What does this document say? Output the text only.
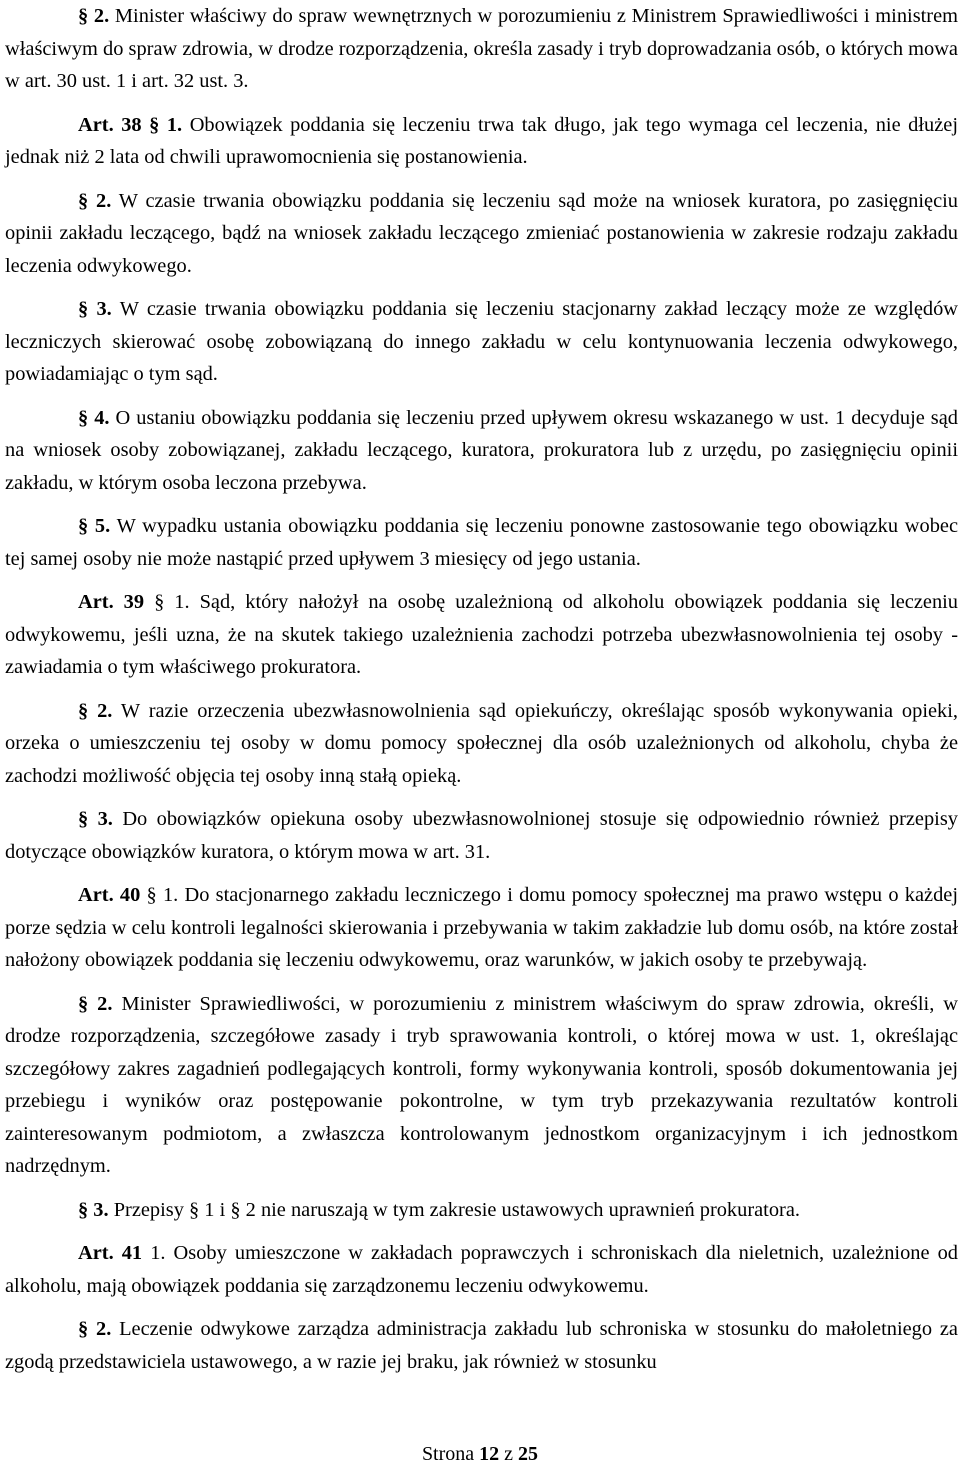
§ 2. Minister właściwy do spraw wewnętrznych w porozumieniu z Ministrem Sprawiedliwości i ministrem właściwym do spraw zdrowia, w drodze rozporządzenia, określa zasady i tryb doprowadzania osób, o których mowa w art. 30 ust. 1 i art. 32 ust. 3.

Art. 38 § 1. Obowiązek poddania się leczeniu trwa tak długo, jak tego wymaga cel leczenia, nie dłużej jednak niż 2 lata od chwili uprawomocnienia się postanowienia.

§ 2. W czasie trwania obowiązku poddania się leczeniu sąd może na wniosek kuratora, po zasięgnięciu opinii zakładu leczącego, bądź na wniosek zakładu leczącego zmieniać postanowienia w zakresie rodzaju zakładu leczenia odwykowego.

§ 3. W czasie trwania obowiązku poddania się leczeniu stacjonarny zakład leczący może ze względów leczniczych skierować osobę zobowiązaną do innego zakładu w celu kontynuowania leczenia odwykowego, powiadamiając o tym sąd.

§ 4. O ustaniu obowiązku poddania się leczeniu przed upływem okresu wskazanego w ust. 1 decyduje sąd na wniosek osoby zobowiązanej, zakładu leczącego, kuratora, prokuratora lub z urzędu, po zasięgnięciu opinii zakładu, w którym osoba leczona przebywa.

§ 5. W wypadku ustania obowiązku poddania się leczeniu ponowne zastosowanie tego obowiązku wobec tej samej osoby nie może nastąpić przed upływem 3 miesięcy od jego ustania.

Art. 39 § 1. Sąd, który nałożył na osobę uzależnioną od alkoholu obowiązek poddania się leczeniu odwykowemu, jeśli uzna, że na skutek takiego uzależnienia zachodzi potrzeba ubezwłasnowolnienia tej osoby - zawiadamia o tym właściwego prokuratora.

§ 2. W razie orzeczenia ubezwłasnowolnienia sąd opiekuńczy, określając sposób wykonywania opieki, orzeka o umieszczeniu tej osoby w domu pomocy społecznej dla osób uzależnionych od alkoholu, chyba że zachodzi możliwość objęcia tej osoby inną stałą opieką.

§ 3. Do obowiązków opiekuna osoby ubezwłasnowolnionej stosuje się odpowiednio również przepisy dotyczące obowiązków kuratora, o którym mowa w art. 31.

Art. 40 § 1. Do stacjonarnego zakładu leczniczego i domu pomocy społecznej ma prawo wstępu o każdej porze sędzia w celu kontroli legalności skierowania i przebywania w takim zakładzie lub domu osób, na które został nałożony obowiązek poddania się leczeniu odwykowemu, oraz warunków, w jakich osoby te przebywają.

§ 2. Minister Sprawiedliwości, w porozumieniu z ministrem właściwym do spraw zdrowia, określi, w drodze rozporządzenia, szczegółowe zasady i tryb sprawowania kontroli, o której mowa w ust. 1, określając szczegółowy zakres zagadnień podlegających kontroli, formy wykonywania kontroli, sposób dokumentowania jej przebiegu i wyników oraz postępowanie pokontrolne, w tym tryb przekazywania rezultatów kontroli zainteresowanym podmiotom, a zwłaszcza kontrolowanym jednostkom organizacyjnym i ich jednostkom nadrzędnym.

§ 3. Przepisy § 1 i § 2 nie naruszają w tym zakresie ustawowych uprawnień prokuratora.

Art. 41 1. Osoby umieszczone w zakładach poprawczych i schroniskach dla nieletnich, uzależnione od alkoholu, mają obowiązek poddania się zarządzonemu leczeniu odwykowemu.

§ 2. Leczenie odwykowe zarządza administracja zakładu lub schroniska w stosunku do małoletniego za zgodą przedstawiciela ustawowego, a w razie jej braku, jak również w stosunku

Strona 12 z 25
